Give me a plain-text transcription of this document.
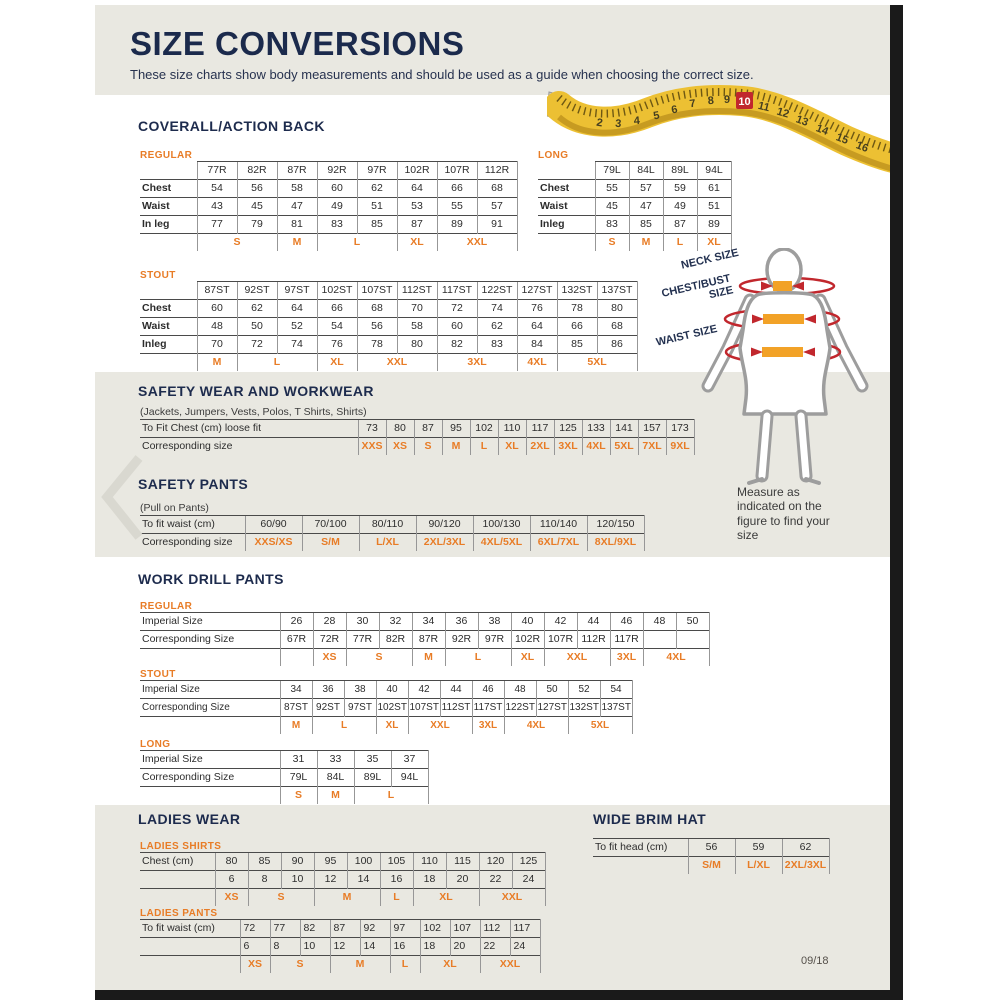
SIZE CONVERSIONS
These size charts show body measurements and should be used as a guide when choosing the correct size.
2 3 4 5 6 7 8 9 10 11 12
13
14
15
16
COVERALL/ACTION BACK
REGULAR
	77R	82R	87R	92R	97R	102R	107R	112R
Chest	54	56	58	60	62	64	66	68
Waist	43	45	47	49	51	53	55	57
In leg	77	79	81	83	85	87	89	91
	S		M	L		XL	XXL	
LONG
	79L	84L	89L	94L
Chest	55	57	59	61
Waist	45	47	49	51
Inleg	83	85	87	89
	S	M	L	XL
STOUT
	87ST	92ST	97ST	102ST	107ST	112ST	117ST	122ST	127ST	132ST	137ST
Chest	60	62	64	66	68	70	72	74	76	78	80
Waist	48	50	52	54	56	58	60	62	64	66	68
Inleg	70	72	74	76	78	80	82	83	84	85	86
	M	L		XL	XXL		3XL		4XL	5XL	
SAFETY WEAR AND WORKWEAR
(Jackets, Jumpers, Vests, Polos, T Shirts, Shirts)
To Fit Chest (cm) loose fit	73	80	87	95	102	110	117	125	133	141	157	173
Corresponding size	XXS	XS	S	M	L	XL	2XL	3XL	4XL	5XL	7XL	9XL
SAFETY PANTS
(Pull on Pants)
To fit waist (cm)	60/90	70/100	80/110	90/120	100/130	110/140	120/150
Corresponding size	XXS/XS	S/M	L/XL	2XL/3XL	4XL/5XL	6XL/7XL	8XL/9XL
WORK DRILL PANTS
REGULAR
Imperial Size	26	28	30	32	34	36	38	40	42	44	46	48	50
Corresponding Size	67R	72R	77R	82R	87R	92R	97R	102R	107R	112R	117R		
		XS	S		M	L		XL	XXL		3XL	4XL	
STOUT
Imperial Size	34	36	38	40	42	44	46	48	50	52	54
Corresponding Size	87ST	92ST	97ST	102ST	107ST	112ST	117ST	122ST	127ST	132ST	137ST
	M	L		XL	XXL		3XL	4XL		5XL	
LONG
Imperial Size	31	33	35	37
Corresponding Size	79L	84L	89L	94L
	S	M	L	
LADIES WEAR
LADIES SHIRTS
Chest (cm)	80	85	90	95	100	105	110	115	120	125
	6	8	10	12	14	16	18	20	22	24
	XS	S		M		L	XL		XXL	
LADIES PANTS
To fit waist (cm)	72	77	82	87	92	97	102	107	112	117
	6	8	10	12	14	16	18	20	22	24
	XS	S		M		L	XL		XXL	
WIDE BRIM HAT
To fit head (cm)	56	59	62
	S/M	L/XL	2XL/3XL
NECK SIZE
CHEST/BUST SIZE
WAIST SIZE
Measure as indicated on the figure to find your size
09/18
